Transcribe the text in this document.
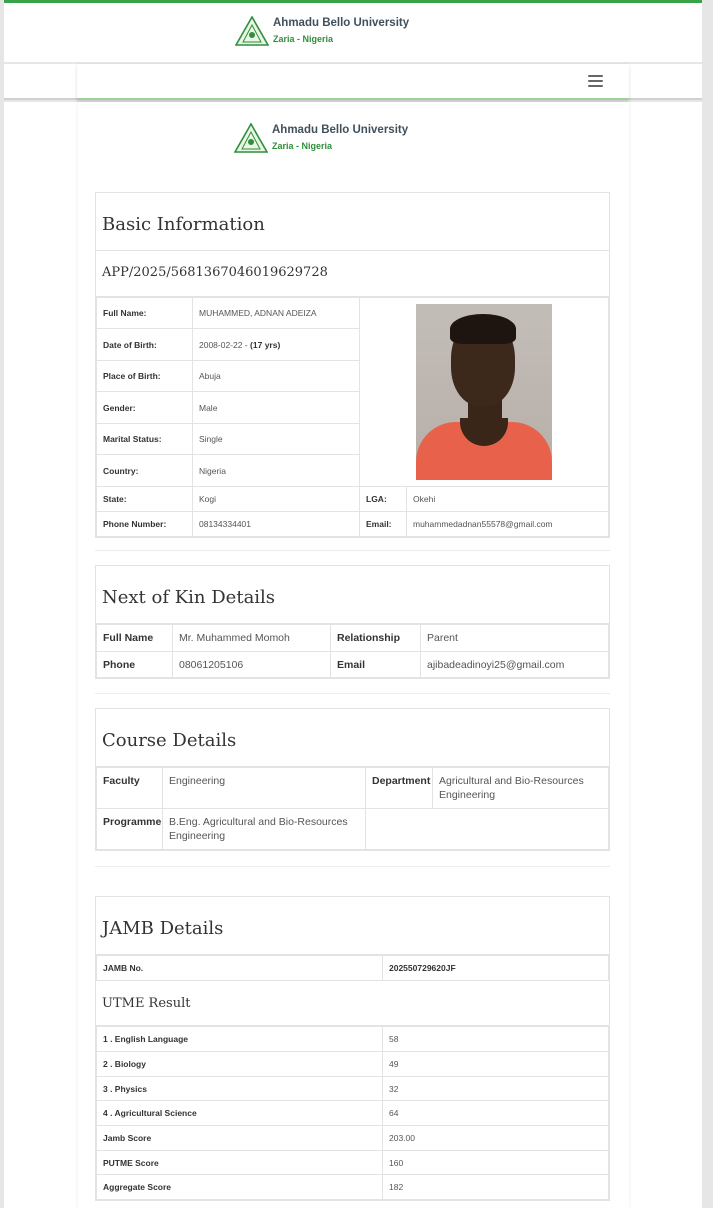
Ahmadu Bello University
Zaria - Nigeria
Ahmadu Bello University
Zaria - Nigeria
Basic Information
APP/2025/5681367046019629728
Full Name:	MUHAMMED, ADNAN ADEIZA		

Date of Birth:	2008-02-22 - (17 yrs)		
Place of Birth:	Abuja		
Gender:	Male		
Marital Status:	Single		
Country:	Nigeria		
State:	Kogi	LGA:	Okehi
Phone Number:	08134334401	Email:	muhammedadnan55578@gmail.com
Next of Kin Details
Full Name	Mr. Muhammed Momoh	Relationship	Parent
Phone	08061205106	Email	ajibadeadinoyi25@gmail.com
Course Details
Faculty	Engineering	Department	Agricultural and Bio-Resources Engineering
Programme	B.Eng. Agricultural and Bio-Resources Engineering		
JAMB Details
JAMB No.	202550729620JF
UTME Result
1 . English Language	58
2 . Biology	49
3 . Physics	32
4 . Agricultural Science	64
Jamb Score	203.00
PUTME Score	160
Aggregate Score	182
